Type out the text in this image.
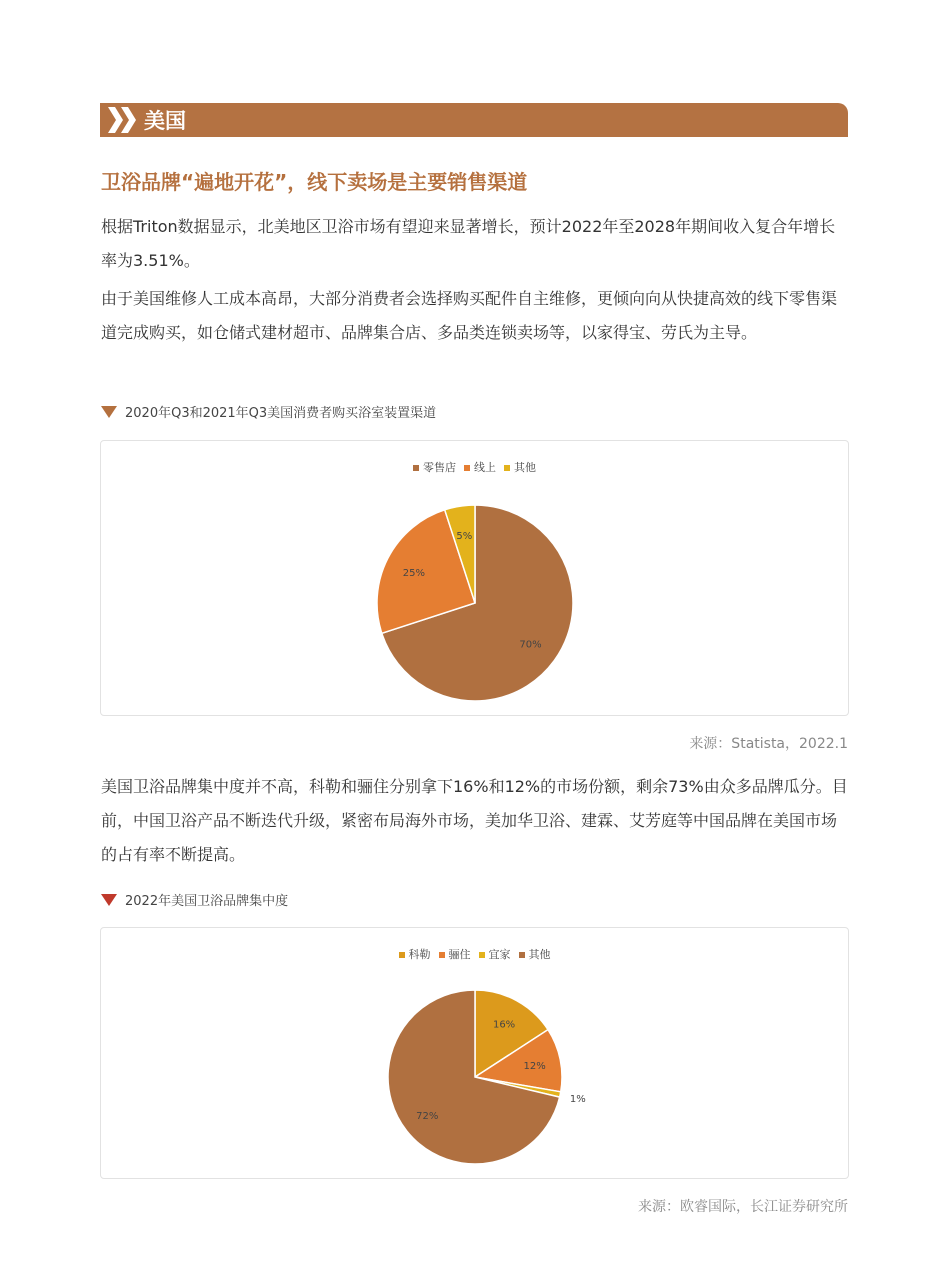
美国
卫浴品牌“遍地开花”，线下卖场是主要销售渠道
根据Triton数据显示，北美地区卫浴市场有望迎来显著增长，预计2022年至2028年期间收入复合年增长率为3.51%。
由于美国维修人工成本高昂，大部分消费者会选择购买配件自主维修，更倾向向从快捷高效的线下零售渠道完成购买，如仓储式建材超市、品牌集合店、多品类连锁卖场等，以家得宝、劳氏为主导。
2020年Q3和2021年Q3美国消费者购买浴室装置渠道
零售店	线上	其他
70%
25%
5%
来源：Statista，2022.1
美国卫浴品牌集中度并不高，科勒和骊住分别拿下16%和12%的市场份额，剩余73%由众多品牌瓜分。目前，中国卫浴产品不断迭代升级，紧密布局海外市场，美加华卫浴、建霖、艾芳庭等中国品牌在美国市场的占有率不断提高。
2022年美国卫浴品牌集中度
科勒	骊住	宜家	其他
16%
12%
1%
72%
来源：欧睿国际，长江证券研究所
